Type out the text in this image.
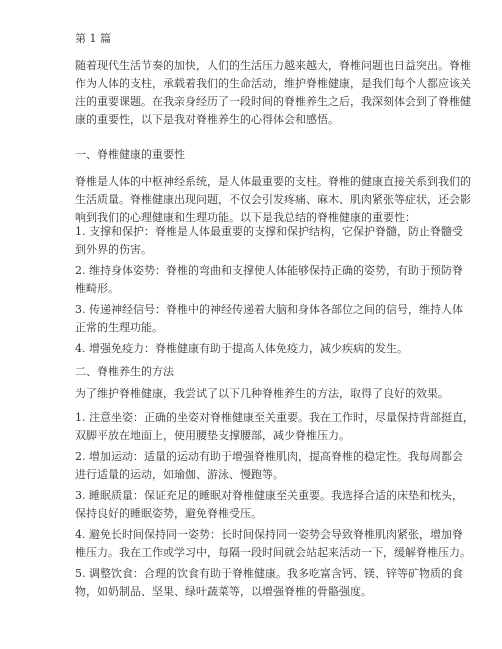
第 1 篇

随着现代生活节奏的加快，人们的生活压力越来越大，脊椎问题也日益突出。脊椎
作为人体的支柱，承载着我们的生命活动，维护脊椎健康，是我们每个人都应该关
注的重要课题。在我亲身经历了一段时间的脊椎养生之后，我深刻体会到了脊椎健
康的重要性，以下是我对脊椎养生的心得体会和感悟。

一、脊椎健康的重要性

脊椎是人体的中枢神经系统，是人体最重要的支柱。脊椎的健康直接关系到我们的
生活质量。脊椎健康出现问题，不仅会引发疼痛、麻木、肌肉紧张等症状，还会影
响到我们的心理健康和生理功能。以下是我总结的脊椎健康的重要性：

1. 支撑和保护：脊椎是人体最重要的支撑和保护结构，它保护脊髓，防止脊髓受
到外界的伤害。

2. 维持身体姿势：脊椎的弯曲和支撑使人体能够保持正确的姿势，有助于预防脊
椎畸形。

3. 传递神经信号：脊椎中的神经传递着大脑和身体各部位之间的信号，维持人体
正常的生理功能。

4. 增强免疫力：脊椎健康有助于提高人体免疫力，减少疾病的发生。

二、脊椎养生的方法

为了维护脊椎健康，我尝试了以下几种脊椎养生的方法，取得了良好的效果。

1. 注意坐姿：正确的坐姿对脊椎健康至关重要。我在工作时，尽量保持背部挺直，
双脚平放在地面上，使用腰垫支撑腰部，减少脊椎压力。

2. 增加运动：适量的运动有助于增强脊椎肌肉，提高脊椎的稳定性。我每周都会
进行适量的运动，如瑜伽、游泳、慢跑等。

3. 睡眠质量：保证充足的睡眠对脊椎健康至关重要。我选择合适的床垫和枕头，
保持良好的睡眠姿势，避免脊椎受压。

4. 避免长时间保持同一姿势：长时间保持同一姿势会导致脊椎肌肉紧张，增加脊
椎压力。我在工作或学习中，每隔一段时间就会站起来活动一下，缓解脊椎压力。

5. 调整饮食：合理的饮食有助于脊椎健康。我多吃富含钙、镁、锌等矿物质的食
物，如奶制品、坚果、绿叶蔬菜等，以增强脊椎的骨骼强度。
